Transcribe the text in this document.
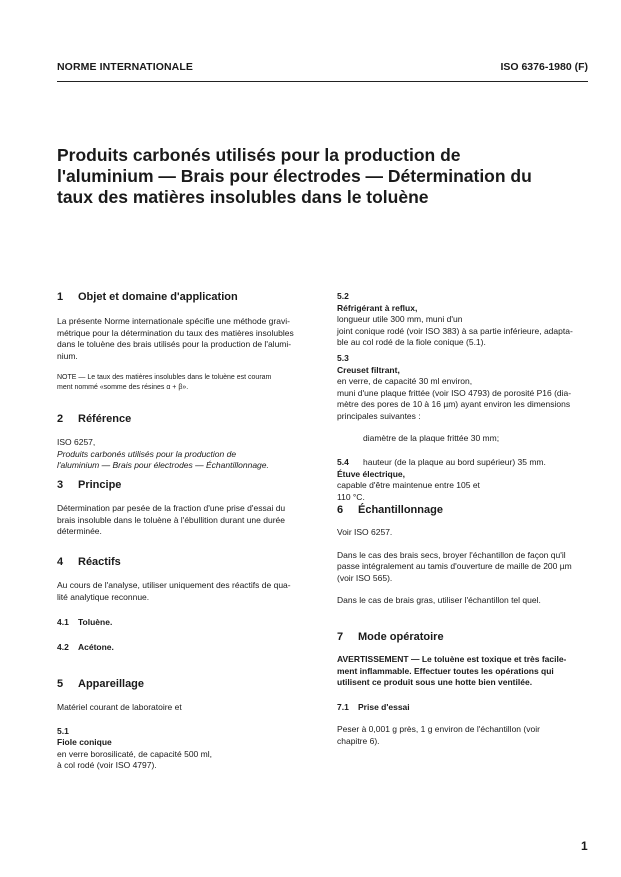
NORME INTERNATIONALE	ISO 6376-1980 (F)
Produits carbonés utilisés pour la production de
l'aluminium — Brais pour électrodes — Détermination du
taux des matières insolubles dans le toluène
1 Objet et domaine d'application
La présente Norme internationale spécifie une méthode gravi-
métrique pour la détermination du taux des matières insolubles
dans le toluène des brais utilisés pour la production de l'alumi-
nium.
NOTE — Le taux des matières insolubles dans le toluène est couram
ment nommé «somme des résines α + β».
2 Référence
ISO 6257,
Produits carbonés utilisés pour la production de
l'aluminium — Brais pour électrodes — Échantillonnage.
3 Principe
Détermination par pesée de la fraction d'une prise d'essai du
brais insoluble dans le toluène à l'ébullition durant une durée
déterminée.
4 Réactifs
Au cours de l'analyse, utiliser uniquement des réactifs de qua-
lité analytique reconnue.
4.1 Toluène.
4.2 Acétone.
5 Appareillage
Matériel courant de laboratoire et
5.1
Fiole conique
en verre borosilicaté, de capacité 500 ml,
à col rodé (voir ISO 4797).
5.2
Réfrigérant à reflux,
longueur utile 300 mm, muni d'un
joint conique rodé (voir ISO 383) à sa partie inférieure, adapta-
ble au col rodé de la fiole conique (5.1).
5.3
Creuset filtrant,
en verre, de capacité 30 ml environ,
muni d'une plaque frittée (voir ISO 4793) de porosité P16 (dia-
mètre des pores de 10 à 16 µm) ayant environ les dimensions
principales suivantes :
diamètre de la plaque frittée 30 mm;
hauteur (de la plaque au bord supérieur) 35 mm.
5.4
Étuve électrique,
capable d'être maintenue entre 105 et
110 °C.
6 Échantillonnage
Voir ISO 6257.
Dans le cas des brais secs, broyer l'échantillon de façon qu'il
passe intégralement au tamis d'ouverture de maille de 200 µm
(voir ISO 565).
Dans le cas de brais gras, utiliser l'échantillon tel quel.
7 Mode opératoire
AVERTISSEMENT — Le toluène est toxique et très facile-
ment inflammable. Effectuer toutes les opérations qui
utilisent ce produit sous une hotte bien ventilée.
7.1 Prise d'essai
Peser à 0,001 g près, 1 g environ de l'échantillon (voir
chapitre 6).
1
